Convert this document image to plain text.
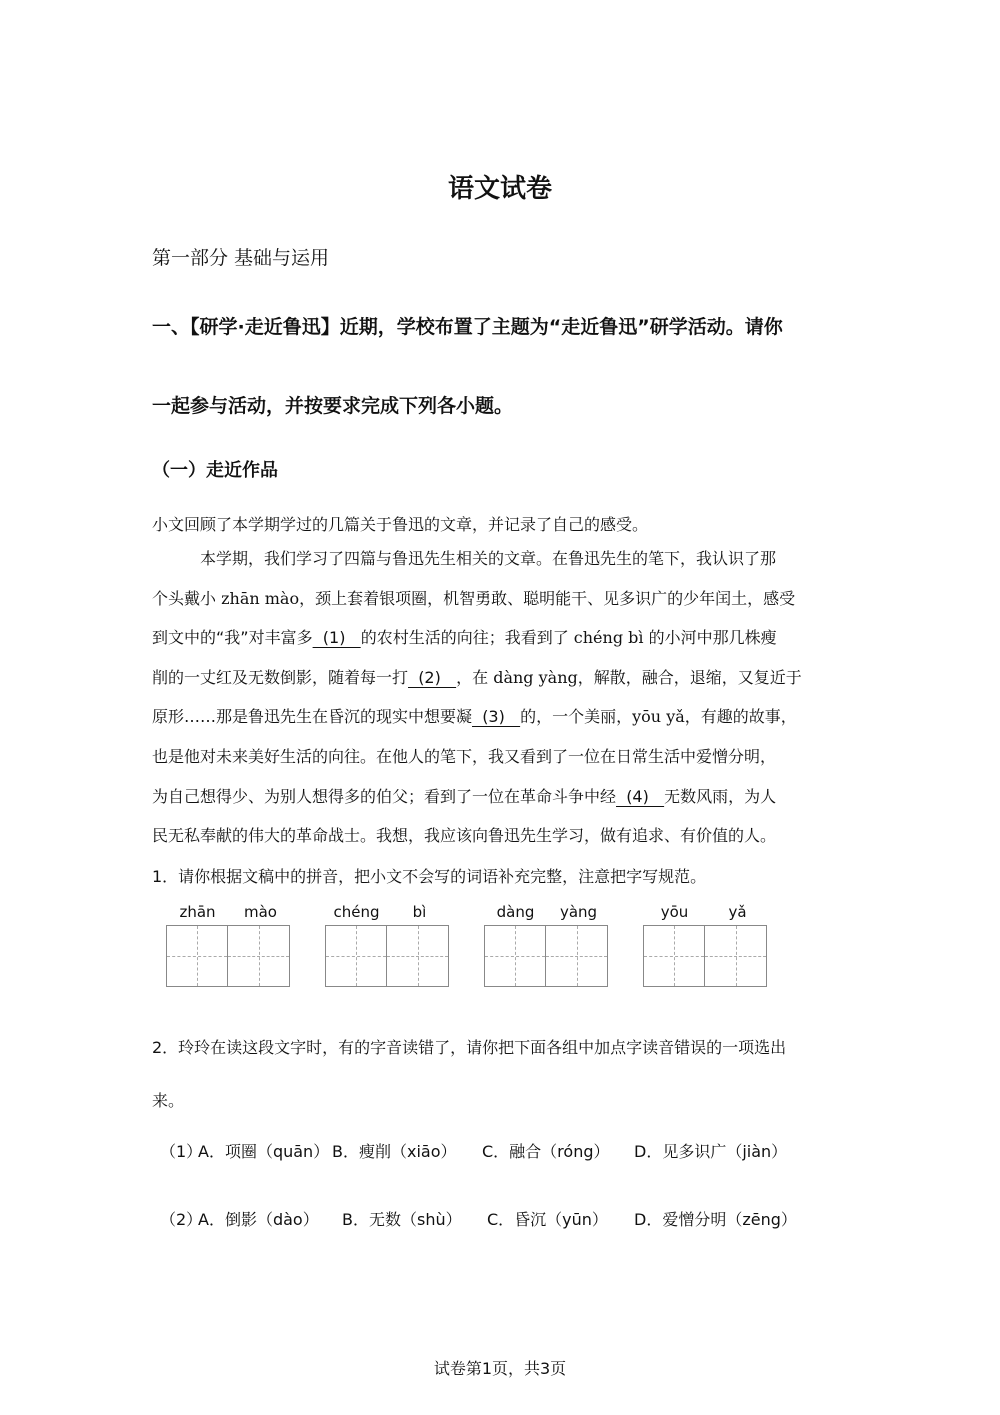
语文试卷
第一部分 基础与运用
一、【研学·走近鲁迅】近期，学校布置了主题为“走近鲁迅”研学活动。请你
一起参与活动，并按要求完成下列各小题。
（一）走近作品
小文回顾了本学期学过的几篇关于鲁迅的文章，并记录了自己的感受。
本学期，我们学习了四篇与鲁迅先生相关的文章。在鲁迅先生的笔下，我认识了那
个头戴小 zhān mào，颈上套着银项圈，机智勇敢、聪明能干、见多识广的少年闰土，感受
到文中的“我”对丰富多  (1)   的农村生活的向往；我看到了 chéng bì 的小河中那几株瘦
削的一丈红及无数倒影，随着每一打  (2)   ，在 dàng yàng，解散，融合，退缩，又复近于
原形……那是鲁迅先生在昏沉的现实中想要凝  (3)   的，一个美丽，yōu yǎ，有趣的故事，
也是他对未来美好生活的向往。在他人的笔下，我又看到了一位在日常生活中爱憎分明，
为自己想得少、为别人想得多的伯父；看到了一位在革命斗争中经  (4)   无数风雨，为人
民无私奉献的伟大的革命战士。我想，我应该向鲁迅先生学习，做有追求、有价值的人。
1．请你根据文稿中的拼音，把小文不会写的词语补充完整，注意把字写规范。
zhān	mào	chéng	bì	dàng	yàng	yōu	yǎ
2．玲玲在读这段文字时，有的字音读错了，请你把下面各组中加点字读音错误的一项选出
来。
（1）
A．项圈（quān） B．瘦削（xiāo） C．融合（róng） D．见多识广（jiàn）
（2）
A．倒影（dào） B．无数（shù） C．昏沉（yūn） D．爱憎分明（zēng）
试卷第1页，共3页
